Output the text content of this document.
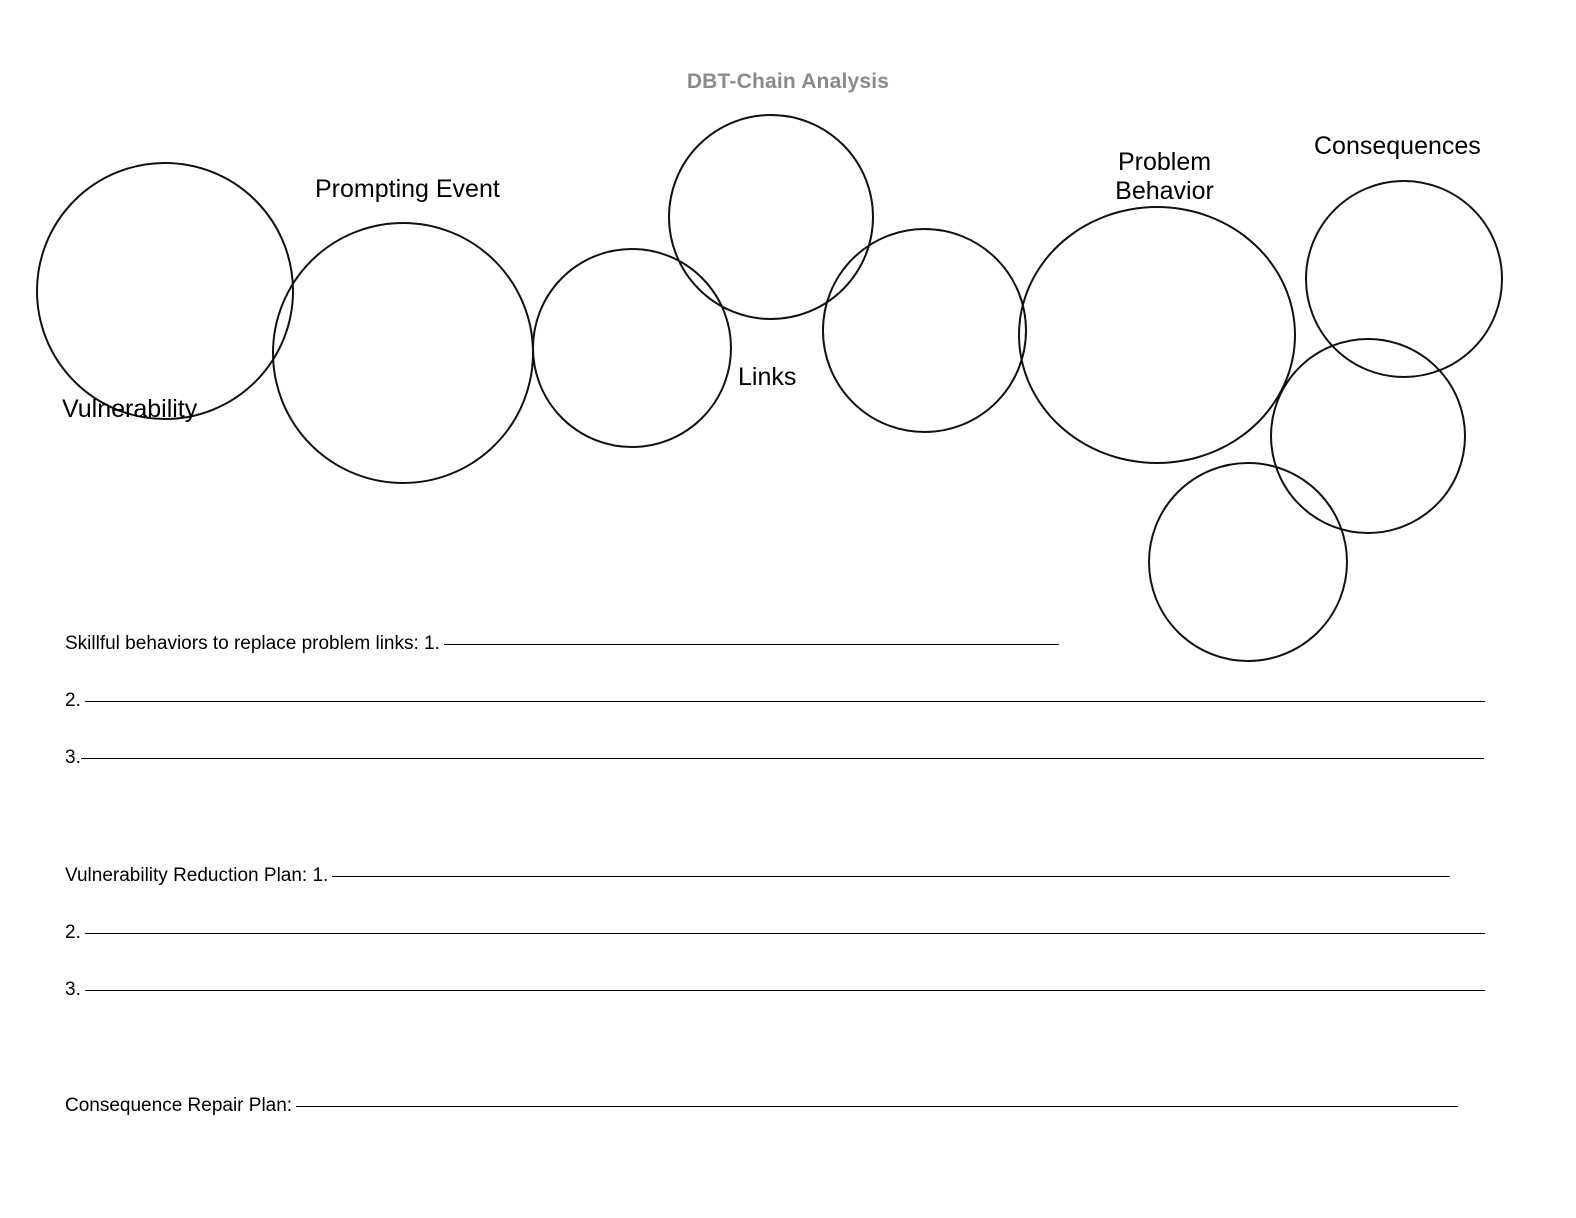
DBT-Chain Analysis
Vulnerability
Prompting Event
Links
Problem
Behavior
Consequences
Skillful behaviors to replace problem links: 1.
2.
3.
Vulnerability Reduction Plan: 1.
2.
3.
Consequence Repair Plan:
